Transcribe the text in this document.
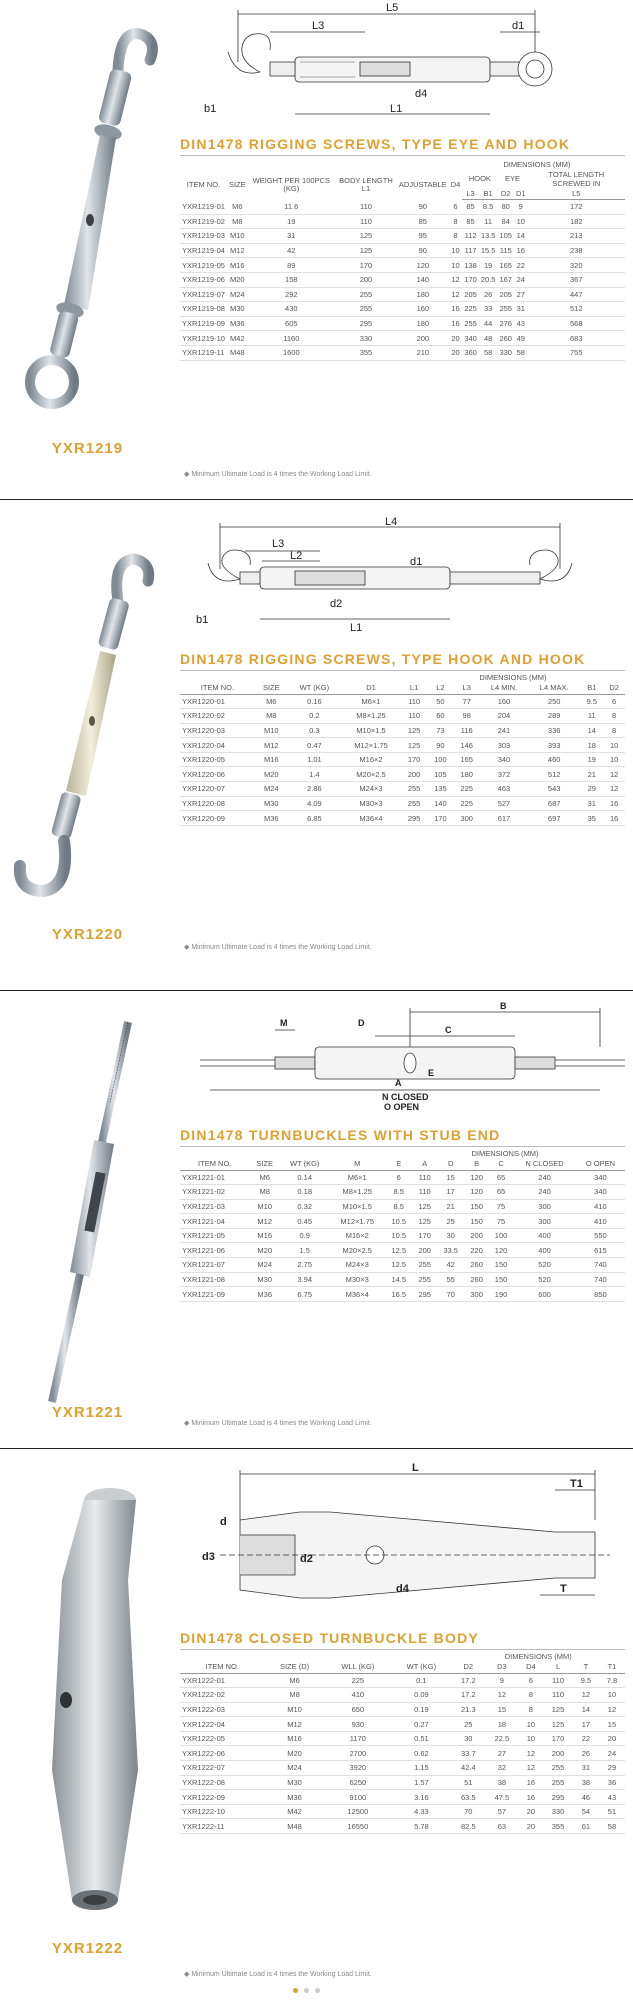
YXR1219
L5
L3	d1
b1
d4
L1
DIN1478 RIGGING SCREWS, TYPE EYE AND HOOK
					DIMENSIONS (MM)					
ITEM NO.	SIZE	WEIGHT PER 100PCS (KG)	BODY LENGTH L1	ADJUSTABLE	D4	HOOK		EYE		TOTAL LENGTH SCREWED IN
						L3	B1	D2	D1	L5
YXR1219-01	M6	11.6	110	90	6	85	8.5	80	9	172
YXR1219-02	M8	19	110	85	8	85	11	84	10	182
YXR1219-03	M10	31	125	95	8	112	13.5	105	14	213
YXR1219-04	M12	42	125	90	10	117	15.5	115	16	238
YXR1219-05	M16	89	170	120	10	138	19	165	22	320
YXR1219-06	M20	158	200	140	12	170	20.5	167	24	367
YXR1219-07	M24	292	255	180	12	205	26	205	27	447
YXR1219-08	M30	430	255	160	16	225	33	255	31	512
YXR1219-09	M36	605	295	180	16	255	44	276	43	568
YXR1219-10	M42	1160	330	200	20	340	48	260	49	683
YXR1219-11	M48	1600	355	210	20	360	58	330	58	755
◆ Minimum Ultimate Load is 4 times the Working Load Limit.
YXR1220
L4
L3
L2	d1
d2
b1
L1
DIN1478 RIGGING SCREWS, TYPE HOOK AND HOOK
				DIMENSIONS (MM)						
ITEM NO.	SIZE	WT (KG)	D1	L1	L2	L3	L4 MIN.	L4 MAX.	B1	D2
YXR1220-01	M6	0.16	M6×1	110	50	77	160	250	9.5	6
YXR1220-02	M8	0.2	M8×1.25	110	60	98	204	289	11	8
YXR1220-03	M10	0.3	M10×1.5	125	73	116	241	336	14	8
YXR1220-04	M12	0.47	M12×1.75	125	90	146	303	393	18	10
YXR1220-05	M16	1.01	M16×2	170	100	165	340	460	19	10
YXR1220-06	M20	1.4	M20×2.5	200	105	180	372	512	21	12
YXR1220-07	M24	2.86	M24×3	255	135	225	463	543	29	12
YXR1220-08	M30	4.09	M30×3	255	140	225	527	687	31	16
YXR1220-09	M36	6.85	M36×4	295	170	300	617	697	35	16
◆ Minimum Ultimate Load is 4 times the Working Load Limit.
YXR1221
B
M	D
C
A
E
N CLOSED
O OPEN
DIN1478 TURNBUCKLES WITH STUB END
				DIMENSIONS (MM)						
ITEM NO.	SIZE	WT (KG)	M	E	A	D	B	C	N CLOSED	O OPEN
YXR1221-01	M6	0.14	M6×1	6	110	15	120	65	240	340
YXR1221-02	M8	0.18	M8×1.25	8.5	110	17	120	65	240	340
YXR1221-03	M10	0.32	M10×1.5	8.5	125	21	150	75	300	410
YXR1221-04	M12	0.45	M12×1.75	10.5	125	25	150	75	300	410
YXR1221-05	M16	0.9	M16×2	10.5	170	30	200	100	400	550
YXR1221-06	M20	1.5	M20×2.5	12.5	200	33.5	220	120	400	615
YXR1221-07	M24	2.75	M24×3	12.5	255	42	260	150	520	740
YXR1221-08	M30	3.94	M30×3	14.5	255	55	260	150	520	740
YXR1221-09	M36	6.75	M36×4	16.5	295	70	300	190	600	850
◆ Minimum Ultimate Load is 4 times the Working Load Limit.
YXR1222
L
T1
d
d3	d2
d4	T
DIN1478 CLOSED TURNBUCKLE BODY
				DIMENSIONS (MM)					
ITEM NO.	SIZE (D)	WLL (KG)	WT (KG)	D2	D3	D4	L	T	T1
YXR1222-01	M6	225	0.1	17.2	9	6	110	9.5	7.8
YXR1222-02	M8	410	0.09	17.2	12	8	110	12	10
YXR1222-03	M10	650	0.19	21.3	15	8	125	14	12
YXR1222-04	M12	930	0.27	25	18	10	125	17	15
YXR1222-05	M16	1170	0.51	30	22.5	10	170	22	20
YXR1222-06	M20	2700	0.62	33.7	27	12	200	26	24
YXR1222-07	M24	3920	1.15	42.4	32	12	255	31	29
YXR1222-08	M30	6250	1.57	51	38	16	255	38	36
YXR1222-09	M36	9100	3.16	63.5	47.5	16	295	46	43
YXR1222-10	M42	12500	4.33	70	57	20	330	54	51
YXR1222-11	M48	16550	5.78	82.5	63	20	355	61	58
◆ Minimum Ultimate Load is 4 times the Working Load Limit.
